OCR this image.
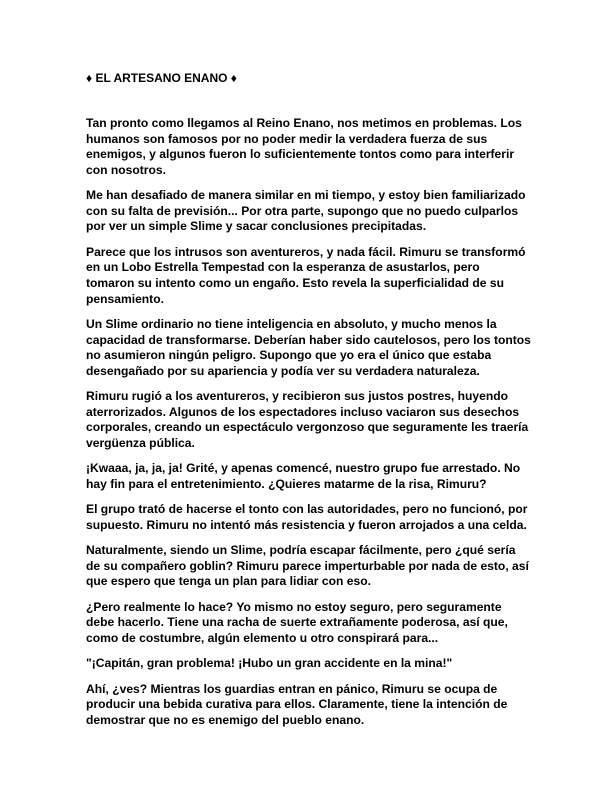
♦ EL ARTESANO ENANO ♦

Tan pronto como llegamos al Reino Enano, nos metimos en problemas. Los humanos son famosos por no poder medir la verdadera fuerza de sus enemigos, y algunos fueron lo suficientemente tontos como para interferir con nosotros.

Me han desafiado de manera similar en mi tiempo, y estoy bien familiarizado con su falta de previsión... Por otra parte, supongo que no puedo culparlos por ver un simple Slime y sacar conclusiones precipitadas.

Parece que los intrusos son aventureros, y nada fácil. Rimuru se transformó en un Lobo Estrella Tempestad con la esperanza de asustarlos, pero tomaron su intento como un engaño. Esto revela la superficialidad de su pensamiento.

Un Slime ordinario no tiene inteligencia en absoluto, y mucho menos la capacidad de transformarse. Deberían haber sido cautelosos, pero los tontos no asumieron ningún peligro. Supongo que yo era el único que estaba desengañado por su apariencia y podía ver su verdadera naturaleza.

Rimuru rugió a los aventureros, y recibieron sus justos postres, huyendo aterrorizados. Algunos de los espectadores incluso vaciaron sus desechos corporales, creando un espectáculo vergonzoso que seguramente les traería vergüenza pública.

¡Kwaaa, ja, ja, ja! Grité, y apenas comencé, nuestro grupo fue arrestado. No hay fin para el entretenimiento. ¿Quieres matarme de la risa, Rimuru?

El grupo trató de hacerse el tonto con las autoridades, pero no funcionó, por supuesto. Rimuru no intentó más resistencia y fueron arrojados a una celda.

Naturalmente, siendo un Slime, podría escapar fácilmente, pero ¿qué sería de su compañero goblin? Rimuru parece imperturbable por nada de esto, así que espero que tenga un plan para lidiar con eso.

¿Pero realmente lo hace? Yo mismo no estoy seguro, pero seguramente debe hacerlo. Tiene una racha de suerte extrañamente poderosa, así que, como de costumbre, algún elemento u otro conspirará para...

"¡Capitán, gran problema! ¡Hubo un gran accidente en la mina!"

Ahí, ¿ves? Mientras los guardias entran en pánico, Rimuru se ocupa de producir una bebida curativa para ellos. Claramente, tiene la intención de demostrar que no es enemigo del pueblo enano.
